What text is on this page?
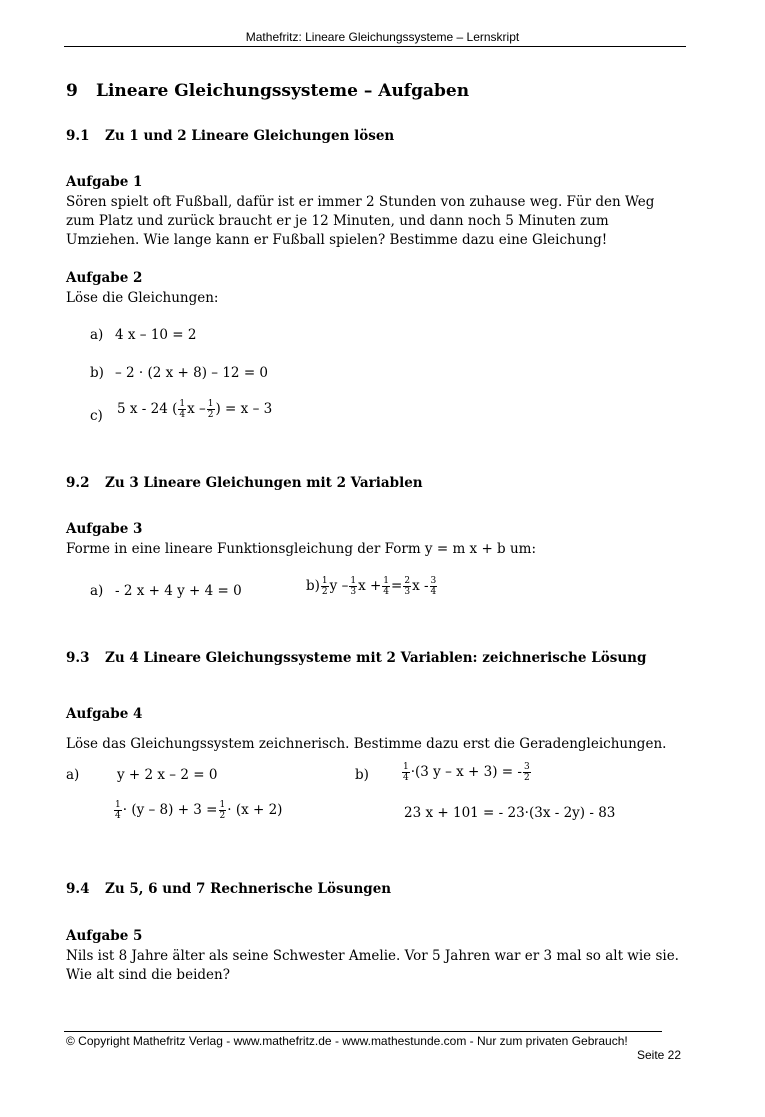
Mathefritz: Lineare Gleichungssysteme – Lernskript
9 Lineare Gleichungssysteme – Aufgaben
9.1 Zu 1 und 2 Lineare Gleichungen lösen
Aufgabe 1
Sören spielt oft Fußball, dafür ist er immer 2 Stunden von zuhause weg. Für den Weg
zum Platz und zurück braucht er je 12 Minuten, und dann noch 5 Minuten zum
Umziehen. Wie lange kann er Fußball spielen? Bestimme dazu eine Gleichung!
Aufgabe 2
Löse die Gleichungen:
a) 4 x – 10 = 2
b) – 2 · (2 x + 8) – 12 = 0
c) 5 x - 24 ( $\frac{1}{4}$ x – $\frac{1}{2}$ ) = x – 3
9.2 Zu 3 Lineare Gleichungen mit 2 Variablen
Aufgabe 3
Forme in eine lineare Funktionsgleichung der Form y = m x + b um:
a) - 2 x + 4 y + 4 = 0	$b) \frac{1}{2}$ y – $\frac{1}{3}$ $x + \frac{1}{4} = \frac{2}{3}$ x - $\frac{3}{4}$
9.3 Zu 4 Lineare Gleichungssysteme mit 2 Variablen: zeichnerische Lösung
Aufgabe 4
Löse das Gleichungssystem zeichnerisch. Bestimme dazu erst die Geradengleichungen.
a)	y + 2 x – 2 = 0
$\frac{1}{4} \cdot (y - 8) + 3 = \frac{1}{2} \cdot (x + 2)$
b)	$\frac{1}{4} \cdot(3$ y – x + 3) = - $\frac{3}{2}$
23 x + 101 = - 23·(3x - 2y) - 83
9.4 Zu 5, 6 und 7 Rechnerische Lösungen
Aufgabe 5
Nils ist 8 Jahre älter als seine Schwester Amelie. Vor 5 Jahren war er 3 mal so alt wie sie.
Wie alt sind die beiden?
© Copyright Mathefritz Verlag - www.mathefritz.de - www.mathestunde.com - Nur zum privaten Gebrauch!
Seite 22
